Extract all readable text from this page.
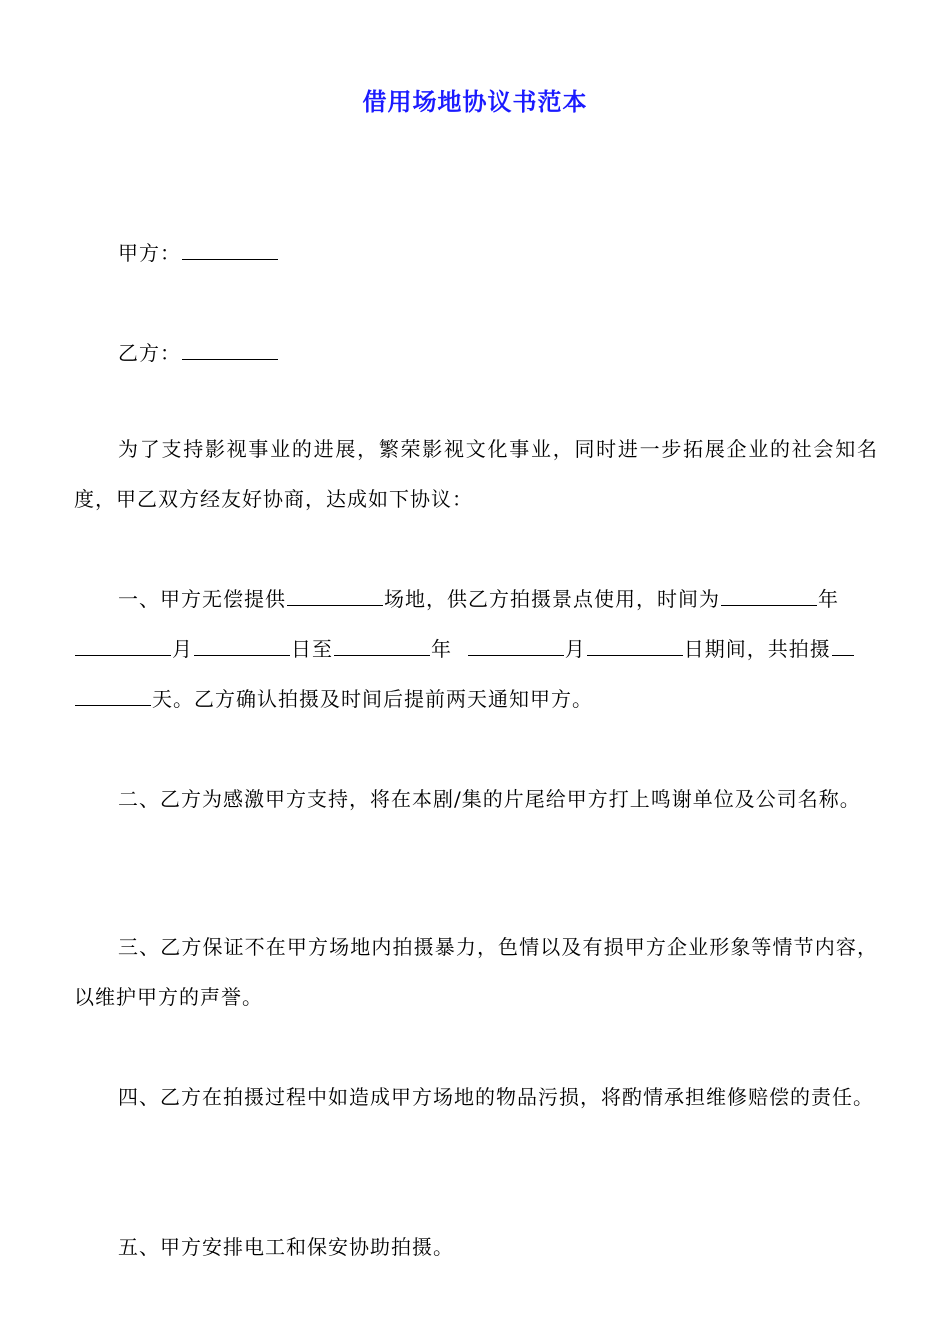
借用场地协议书范本
甲方：
乙方：

为了支持影视事业的进展，繁荣影视文化事业，同时进一步拓展企业的社会知名度，甲乙双方经友好协商，达成如下协议：

一、甲方无偿提供	场地，供乙方拍摄景点使用，时间为	年
月	日至	年	月	日期间，共拍摄
天。乙方确认拍摄及时间后提前两天通知甲方。

二、乙方为感激甲方支持，将在本剧/集的片尾给甲方打上鸣谢单位及公司名称。

三、乙方保证不在甲方场地内拍摄暴力，色情以及有损甲方企业形象等情节内容，以维护甲方的声誉。

四、乙方在拍摄过程中如造成甲方场地的物品污损，将酌情承担维修赔偿的责任。

五、甲方安排电工和保安协助拍摄。
